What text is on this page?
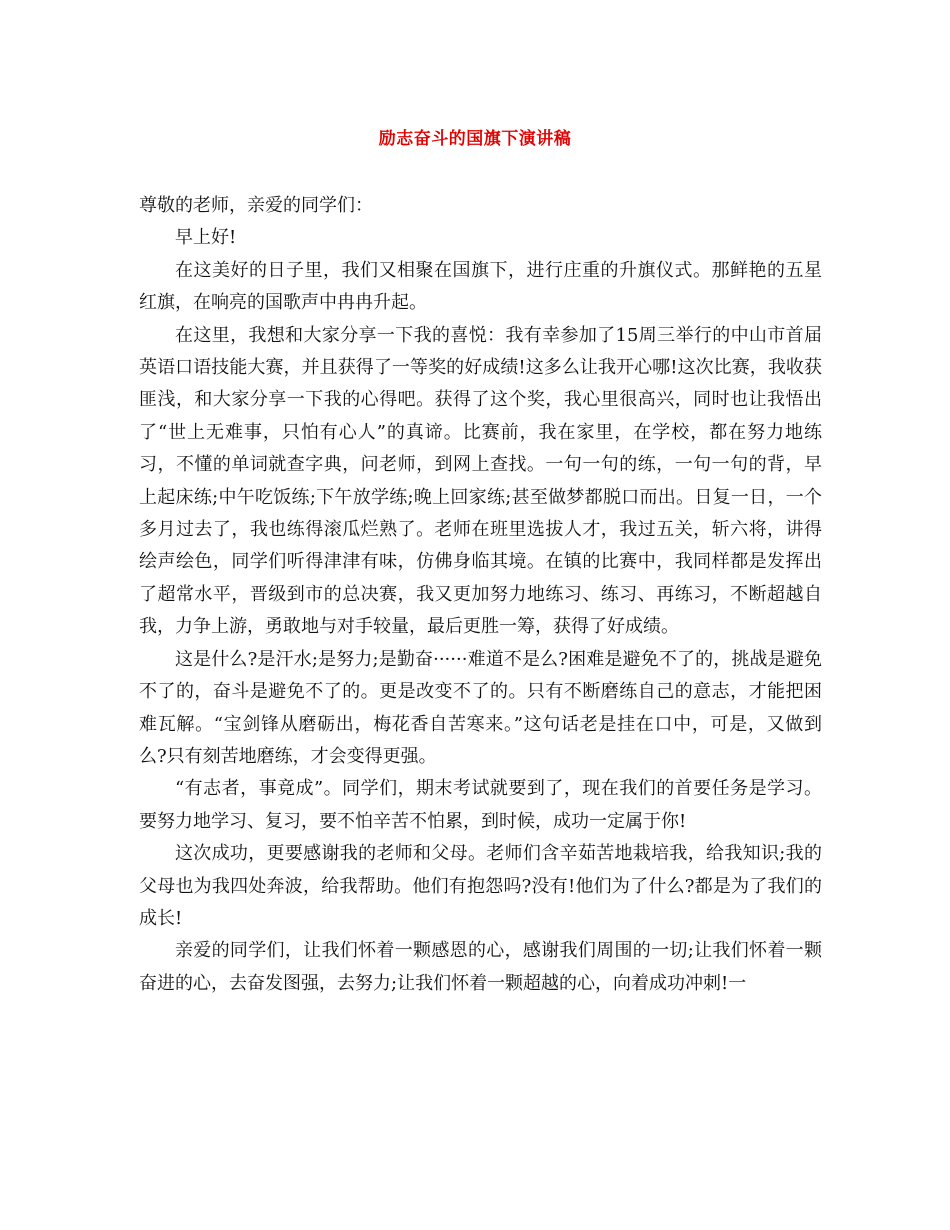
励志奋斗的国旗下演讲稿

尊敬的老师，亲爱的同学们：

早上好!

在这美好的日子里，我们又相聚在国旗下，进行庄重的升旗仪式。那鲜艳的五星红旗，在响亮的国歌声中冉冉升起。

在这里，我想和大家分享一下我的喜悦：我有幸参加了15周三举行的中山市首届英语口语技能大赛，并且获得了一等奖的好成绩!这多么让我开心哪!这次比赛，我收获匪浅，和大家分享一下我的心得吧。获得了这个奖，我心里很高兴，同时也让我悟出了“世上无难事，只怕有心人”的真谛。比赛前，我在家里，在学校，都在努力地练习，不懂的单词就查字典，问老师，到网上查找。一句一句的练，一句一句的背，早上起床练;中午吃饭练;下午放学练;晚上回家练;甚至做梦都脱口而出。日复一日，一个多月过去了，我也练得滚瓜烂熟了。老师在班里选拔人才，我过五关，斩六将，讲得绘声绘色，同学们听得津津有味，仿佛身临其境。在镇的比赛中，我同样都是发挥出了超常水平，晋级到市的总决赛，我又更加努力地练习、练习、再练习，不断超越自我，力争上游，勇敢地与对手较量，最后更胜一筹，获得了好成绩。

这是什么?是汗水;是努力;是勤奋······难道不是么?困难是避免不了的，挑战是避免不了的，奋斗是避免不了的。更是改变不了的。只有不断磨练自己的意志，才能把困难瓦解。“宝剑锋从磨砺出，梅花香自苦寒来。”这句话老是挂在口中，可是，又做到么?只有刻苦地磨练，才会变得更强。

“有志者，事竟成”。同学们，期末考试就要到了，现在我们的首要任务是学习。要努力地学习、复习，要不怕辛苦不怕累，到时候，成功一定属于你!

这次成功，更要感谢我的老师和父母。老师们含辛茹苦地栽培我，给我知识;我的父母也为我四处奔波，给我帮助。他们有抱怨吗?没有!他们为了什么?都是为了我们的成长!

亲爱的同学们，让我们怀着一颗感恩的心，感谢我们周围的一切;让我们怀着一颗奋进的心，去奋发图强，去努力;让我们怀着一颗超越的心，向着成功冲刺!一
